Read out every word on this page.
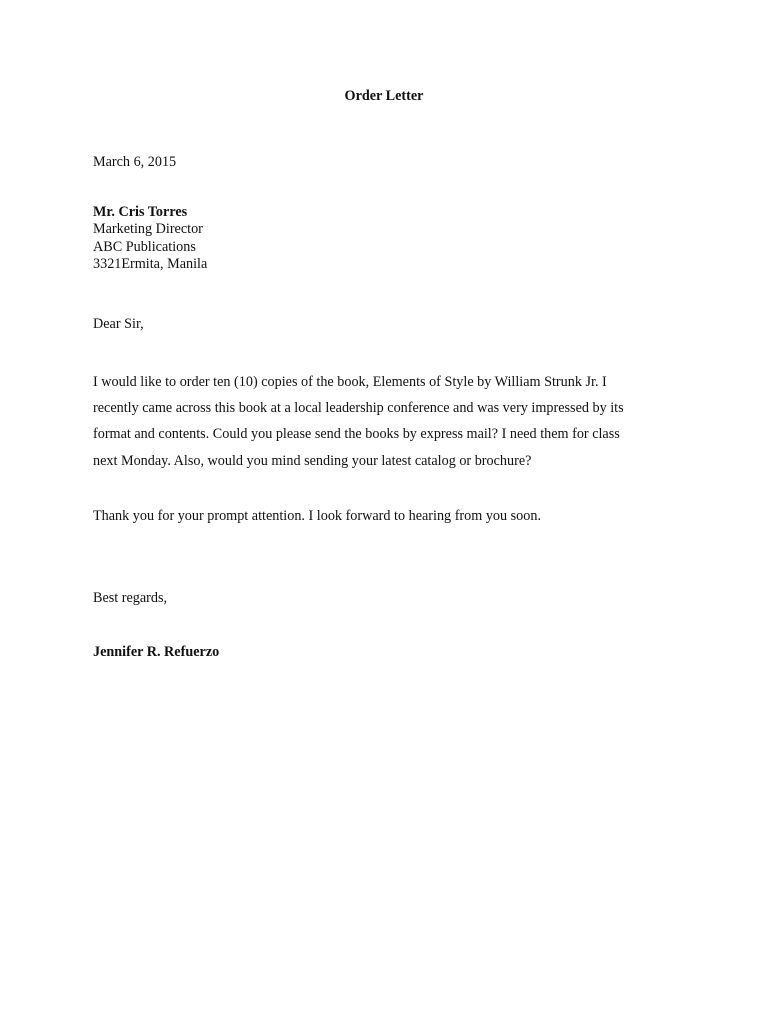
Order Letter
March 6, 2015
Mr. Cris Torres
Marketing Director
ABC Publications
3321Ermita, Manila
Dear Sir,
I would like to order ten (10) copies of the book, Elements of Style by William Strunk Jr. I
recently came across this book at a local leadership conference and was very impressed by its
format and contents. Could you please send the books by express mail? I need them for class
next Monday. Also, would you mind sending your latest catalog or brochure?
Thank you for your prompt attention. I look forward to hearing from you soon.
Best regards,
Jennifer R. Refuerzo
